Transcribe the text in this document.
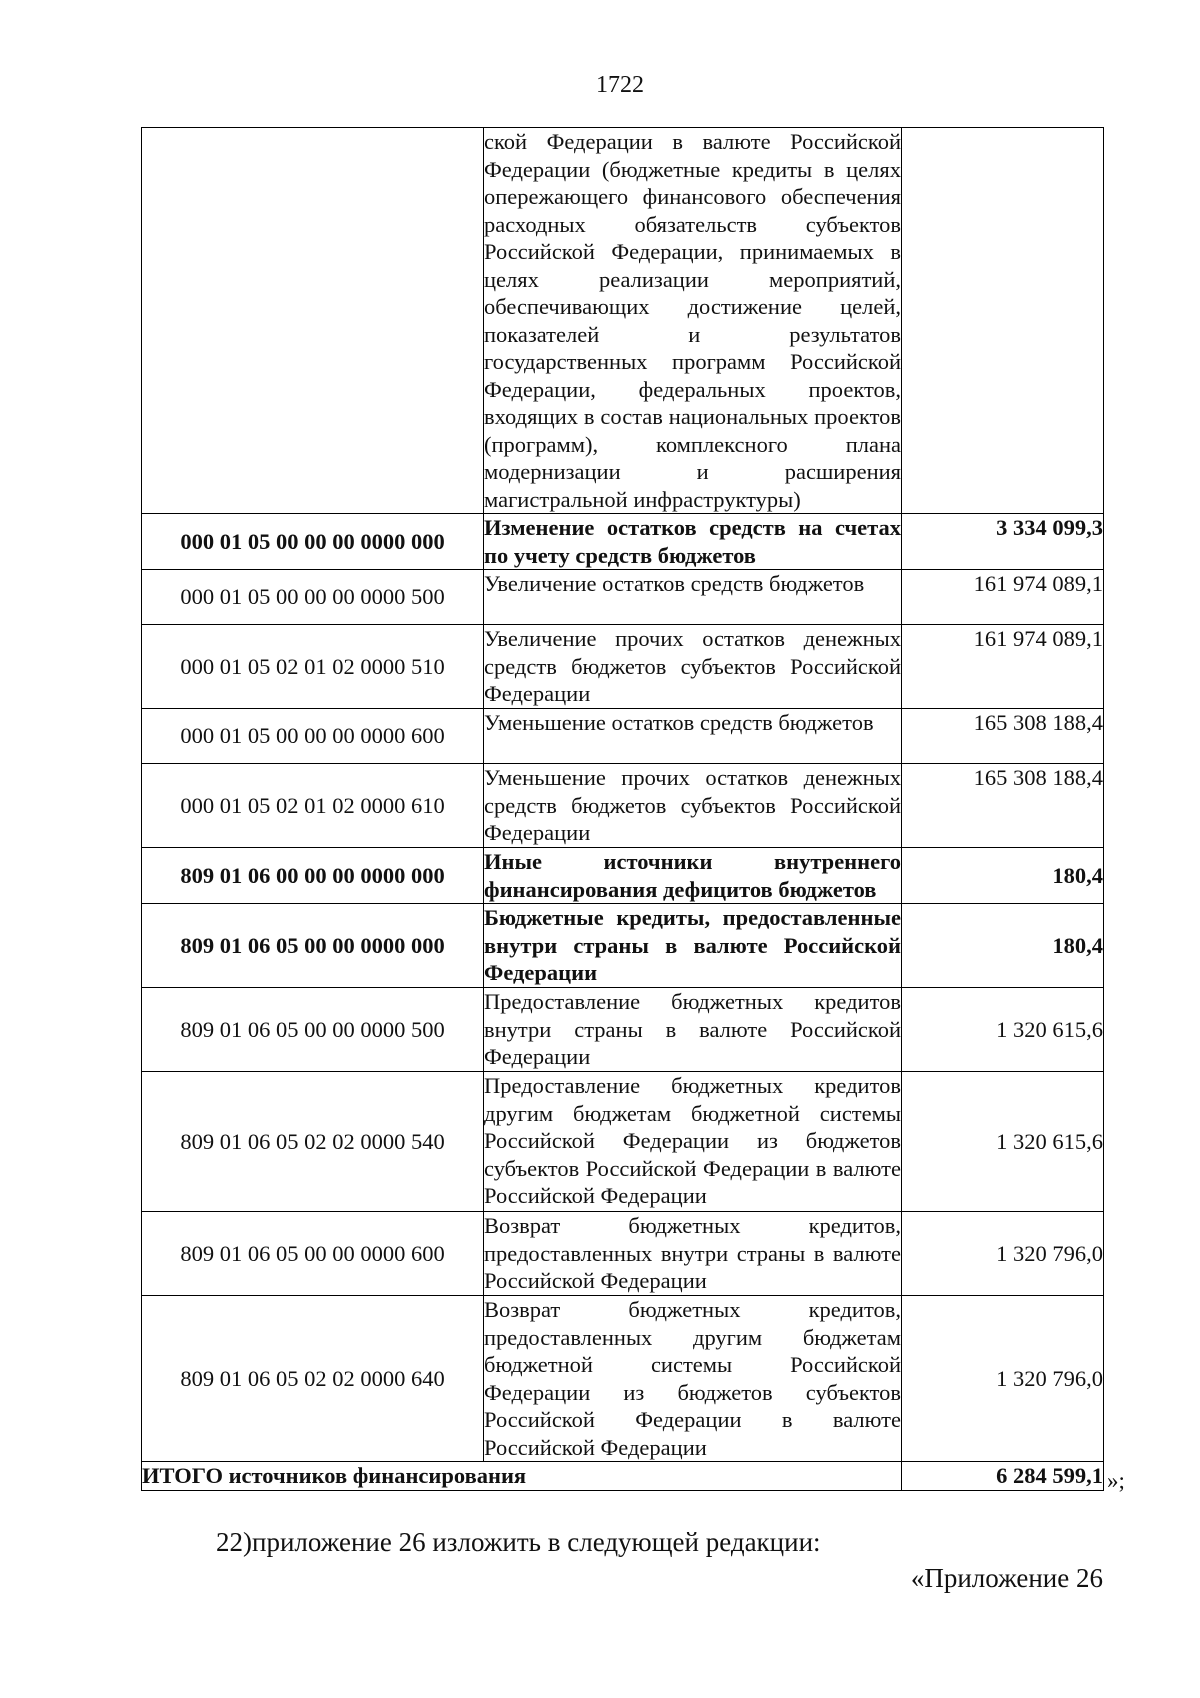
1722
	ской Федерации в валюте Российской Федерации (бюджетные кредиты в целях опережающего финансового обеспечения расходных обязательств субъектов Российской Федерации, принимаемых в целях реализации мероприятий, обеспечивающих достижение целей, показателей и результатов государственных программ Российской Федерации, федеральных проектов, входящих в состав национальных проектов (программ), комплексного плана модернизации и расширения магистральной инфраструктуры)	
000 01 05 00 00 00 0000 000	Изменение остатков средств на счетах по учету средств бюджетов	3 334 099,3
000 01 05 00 00 00 0000 500	Увеличение остатков средств бюджетов	161 974 089,1
000 01 05 02 01 02 0000 510	Увеличение прочих остатков денежных средств бюджетов субъектов Российской Федерации	161 974 089,1
000 01 05 00 00 00 0000 600	Уменьшение остатков средств бюджетов	165 308 188,4
000 01 05 02 01 02 0000 610	Уменьшение прочих остатков денежных средств бюджетов субъектов Российской Федерации	165 308 188,4
809 01 06 00 00 00 0000 000	Иные источники внутреннего финансирования дефицитов бюджетов	180,4
809 01 06 05 00 00 0000 000	Бюджетные кредиты, предоставленные внутри страны в валюте Российской Федерации	180,4
809 01 06 05 00 00 0000 500	Предоставление бюджетных кредитов внутри страны в валюте Российской Федерации	1 320 615,6
809 01 06 05 02 02 0000 540	Предоставление бюджетных кредитов другим бюджетам бюджетной системы Российской Федерации из бюджетов субъектов Российской Федерации в валюте Российской Федерации	1 320 615,6
809 01 06 05 00 00 0000 600	Возврат бюджетных кредитов, предоставленных внутри страны в валюте Российской Федерации	1 320 796,0
809 01 06 05 02 02 0000 640	Возврат бюджетных кредитов, предоставленных другим бюджетам бюджетной системы Российской Федерации из бюджетов субъектов Российской Федерации в валюте Российской Федерации	1 320 796,0
ИТОГО источников финансирования		6 284 599,1 »;
22)приложение 26 изложить в следующей редакции:
«Приложение 26
